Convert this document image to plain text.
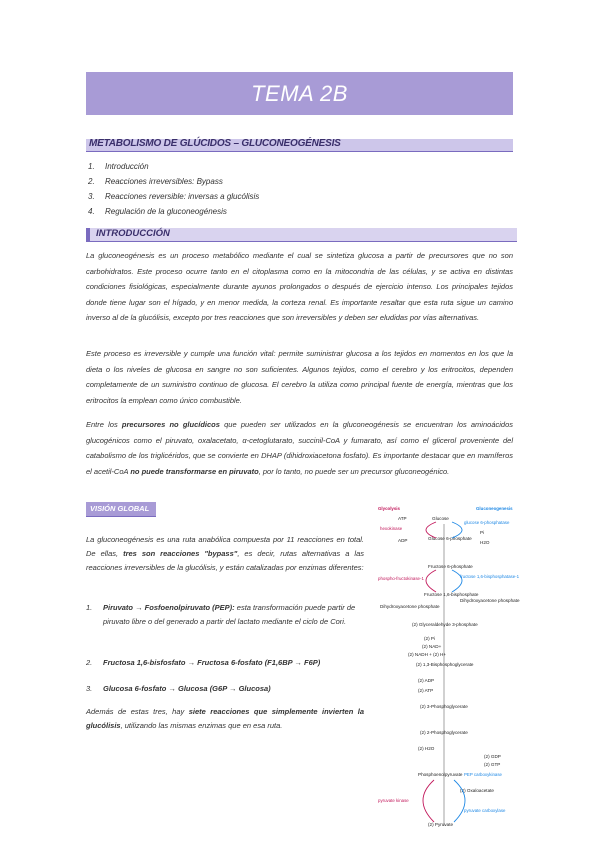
TEMA 2B
METABOLISMO DE GLÚCIDOS – GLUCONEOGÉNESIS
1. Introducción
2. Reacciones irreversibles: Bypass
3. Reacciones reversible: inversas a glucólisis
4. Regulación de la gluconeogénesis
INTRODUCCIÓN
La gluconeogénesis es un proceso metabólico mediante el cual se sintetiza glucosa a partir de precursores que no son carbohidratos. Este proceso ocurre tanto en el citoplasma como en la mitocondria de las células, y se activa en distintas condiciones fisiológicas, especialmente durante ayunos prolongados o después de ejercicio intenso. Los principales tejidos donde tiene lugar son el hígado, y en menor medida, la corteza renal. Es importante resaltar que esta ruta sigue un camino inverso al de la glucólisis, excepto por tres reacciones que son irreversibles y deben ser eludidas por vías alternativas.
Este proceso es irreversible y cumple una función vital: permite suministrar glucosa a los tejidos en momentos en los que la dieta o los niveles de glucosa en sangre no son suficientes. Algunos tejidos, como el cerebro y los eritrocitos, dependen completamente de un suministro continuo de glucosa. El cerebro la utiliza como principal fuente de energía, mientras que los eritrocitos la emplean como único combustible.
Entre los precursores no glucídicos que pueden ser utilizados en la gluconeogénesis se encuentran los aminoácidos glucogénicos como el piruvato, oxalacetato, α-cetoglutarato, succinil-CoA y fumarato, así como el glicerol proveniente del catabolismo de los triglicéridos, que se convierte en DHAP (dihidroxiacetona fosfato). Es importante destacar que en mamíferos el acetil-CoA no puede transformarse en piruvato, por lo tanto, no puede ser un precursor gluconeogénico.
VISIÓN GLOBAL
La gluconeogénesis es una ruta anabólica compuesta por 11 reacciones en total. De ellas, tres son reacciones "bypass", es decir, rutas alternativas a las reacciones irreversibles de la glucólisis, y están catalizadas por enzimas diferentes:
1. Piruvato → Fosfoenolpiruvato (PEP): esta transformación puede partir de piruvato libre o del generado a partir del lactato mediante el ciclo de Cori.
2. Fructosa 1,6-bisfosfato → Fructosa 6-fosfato (F1,6BP → F6P)
3. Glucosa 6-fosfato → Glucosa (G6P → Glucosa)
Además de estas tres, hay siete reacciones que simplemente invierten la glucólisis, utilizando las mismas enzimas que en esa ruta.
Glycolysis	Gluconeogenesis
Glucose
Glucose 6-phosphate
Fructose 6-phosphate
Fructose 1,6-bisphosphate
Dihydroxyacetone phosphate
Dihydroxyacetone phosphate
(2) Glyceraldehyde 3-phosphate
(2) 1,3-Bisphosphoglycerate
(2) 3-Phosphoglycerate
(2) 2-Phosphoglycerate
Phosphoenolpyruvate
(2) Oxaloacetate
(2) Pyruvate
hexokinase
phospho-fructokinase-1
pyruvate kinase
glucose 6-phosphatase
fructose 1,6-bisphosphatase-1
PEP carboxykinase
pyruvate carboxylase
ATP
ADP
Pi
H2O
(2) Pi
(2) NAD+
(2) NADH + (2) H+
(2) ADP
(2) ATP
(2) H2O
(2) GDP
(2) GTP
